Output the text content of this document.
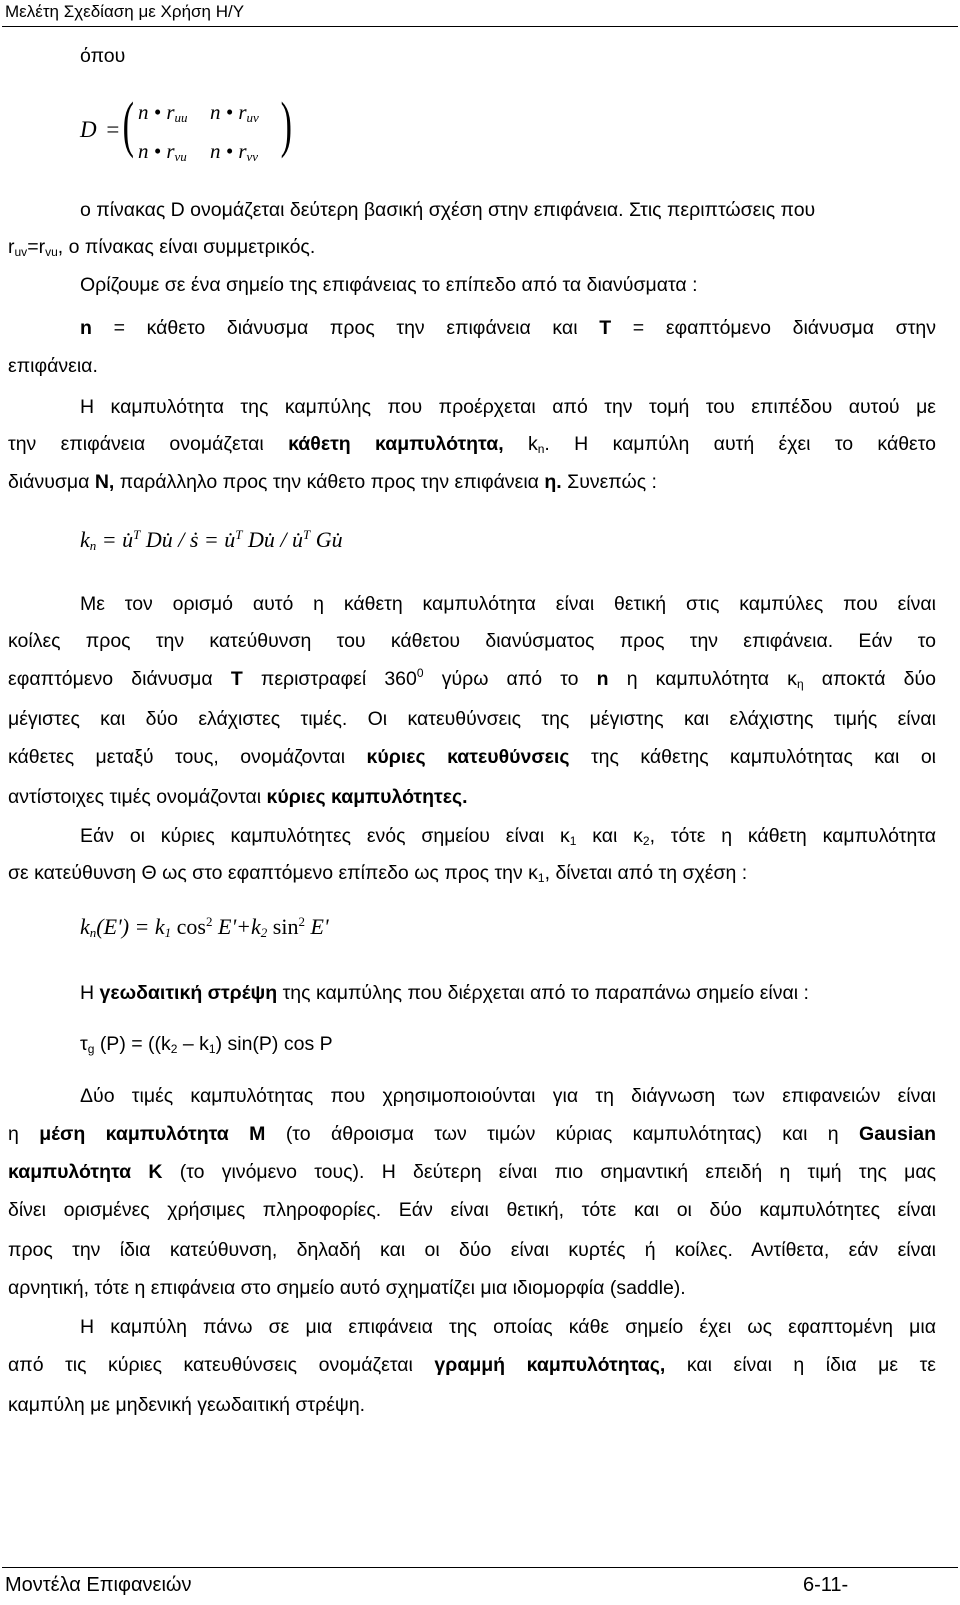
Μελέτη Σχεδίαση με Χρήση Η/Υ
όπου
D = ( )
n • $r_{uu}$ n • $r_{uv}$
n • $r_{vu}$ n • $r_{vv}$
ο πίνακας D ονομάζεται δεύτερη βασική σχέση στην επιφάνεια. Στις περιπτώσεις που
$r_{uv}=r_{vu}$, ο πίνακας είναι συμμετρικός.
Ορίζουμε σε ένα σημείο της επιφάνειας το επίπεδο από τα διανύσματα :
n = κάθετο διάνυσμα προς την επιφάνεια και T = εφαπτόμενο διάνυσμα στην
επιφάνεια.
Η καμπυλότητα της καμπύλης που προέρχεται από την τομή του επιπέδου αυτού με
την επιφάνεια ονομάζεται κάθετη καμπυλότητα, $k_n$. Η καμπύλη αυτή έχει το κάθετο
διάνυσμα N, παράλληλο προς την κάθετο προς την επιφάνεια η. Συνεπώς :
$k_n$ = u̇$^T$ Du̇ / ṡ = u̇$^T$ Du̇ / u̇$^T$ Gu̇
Με τον ορισμό αυτό η κάθετη καμπυλότητα είναι θετική στις καμπύλες που είναι
κοίλες προς την κατεύθυνση του κάθετου διανύσματος προς την επιφάνεια. Εάν το
εφαπτόμενο διάνυσμα T περιστραφεί $360^0$ γύρω από το n η καμπυλότητα $\kappa_\eta$ αποκτά δύο
μέγιστες και δύο ελάχιστες τιμές. Οι κατευθύνσεις της μέγιστης και ελάχιστης τιμής είναι
κάθετες μεταξύ τους, ονομάζονται κύριες κατευθύνσεις της κάθετης καμπυλότητας και οι
αντίστοιχες τιμές ονομάζονται κύριες καμπυλότητες.
Εάν οι κύριες καμπυλότητες ενός σημείου είναι $\kappa_1$ και $\kappa_2$, τότε η κάθετη καμπυλότητα
σε κατεύθυνση Θ ως στο εφαπτόμενο επίπεδο ως προς την $\kappa_1$, δίνεται από τη σχέση :
$k_n(E') = k_1$ $\cos^2 E'+k_2$ $\sin^2 E'$
Η γεωδαιτική στρέψη της καμπύλης που διέρχεται από το παραπάνω σημείο είναι :
$\tau_g$ $(P) = ((k_2 - k_1)$ sin(P) cos P
Δύο τιμές καμπυλότητας που χρησιμοποιούνται για τη διάγνωση των επιφανειών είναι
η μέση καμπυλότητα M (το άθροισμα των τιμών κύριας καμπυλότητας) και η Gausian
καμπυλότητα K (το γινόμενο τους). Η δεύτερη είναι πιο σημαντική επειδή η τιμή της μας
δίνει ορισμένες χρήσιμες πληροφορίες. Εάν είναι θετική, τότε και οι δύο καμπυλότητες είναι
προς την ίδια κατεύθυνση, δηλαδή και οι δύο είναι κυρτές ή κοίλες. Αντίθετα, εάν είναι
αρνητική, τότε η επιφάνεια στο σημείο αυτό σχηματίζει μια ιδιομορφία (saddle).
Η καμπύλη πάνω σε μια επιφάνεια της οποίας κάθε σημείο έχει ως εφαπτομένη μια
από τις κύριες κατευθύνσεις ονομάζεται γραμμή καμπυλότητας, και είναι η ίδια με τε
καμπύλη με μηδενική γεωδαιτική στρέψη.
Μοντέλα Επιφανειών	6-11-
